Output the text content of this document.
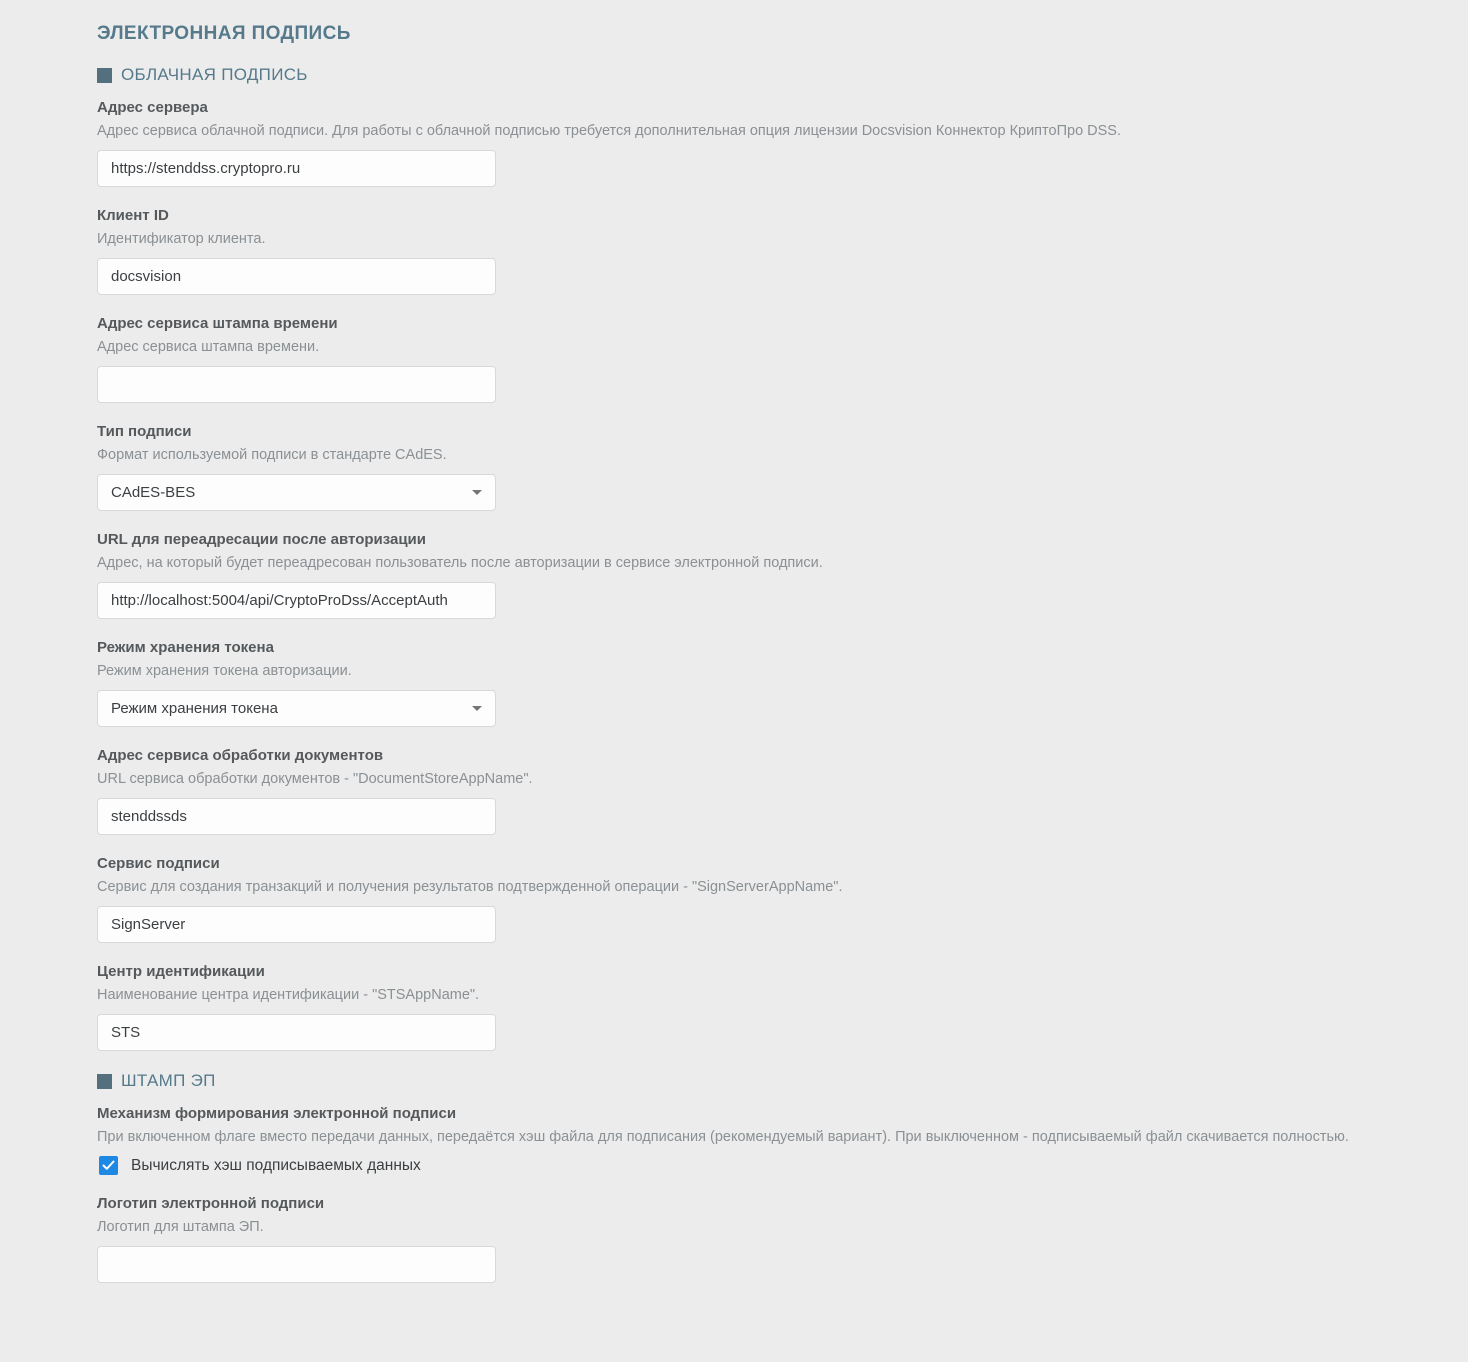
ЭЛЕКТРОННАЯ ПОДПИСЬ
ОБЛАЧНАЯ ПОДПИСЬ
Адрес сервера
Адрес сервиса облачной подписи. Для работы с облачной подписью требуется дополнительная опция лицензии Docsvision Коннектор КриптоПро DSS.
https://stenddss.cryptopro.ru
Клиент ID
Идентификатор клиента.
docsvision
Адрес сервиса штампа времени
Адрес сервиса штампа времени.
Тип подписи
Формат используемой подписи в стандарте CAdES.
CAdES-BES
URL для переадресации после авторизации
Адрес, на который будет переадресован пользователь после авторизации в сервисе электронной подписи.
http://localhost:5004/api/CryptoProDss/AcceptAuth
Режим хранения токена
Режим хранения токена авторизации.
Режим хранения токена
Адрес сервиса обработки документов
URL сервиса обработки документов - "DocumentStoreAppName".
stenddssds
Сервис подписи
Сервис для создания транзакций и получения результатов подтвержденной операции - "SignServerAppName".
SignServer
Центр идентификации
Наименование центра идентификации - "STSAppName".
STS
ШТАМП ЭП
Механизм формирования электронной подписи
При включенном флаге вместо передачи данных, передаётся хэш файла для подписания (рекомендуемый вариант). При выключенном - подписываемый файл скачивается полностью.
Вычислять хэш подписываемых данных
Логотип электронной подписи
Логотип для штампа ЭП.
